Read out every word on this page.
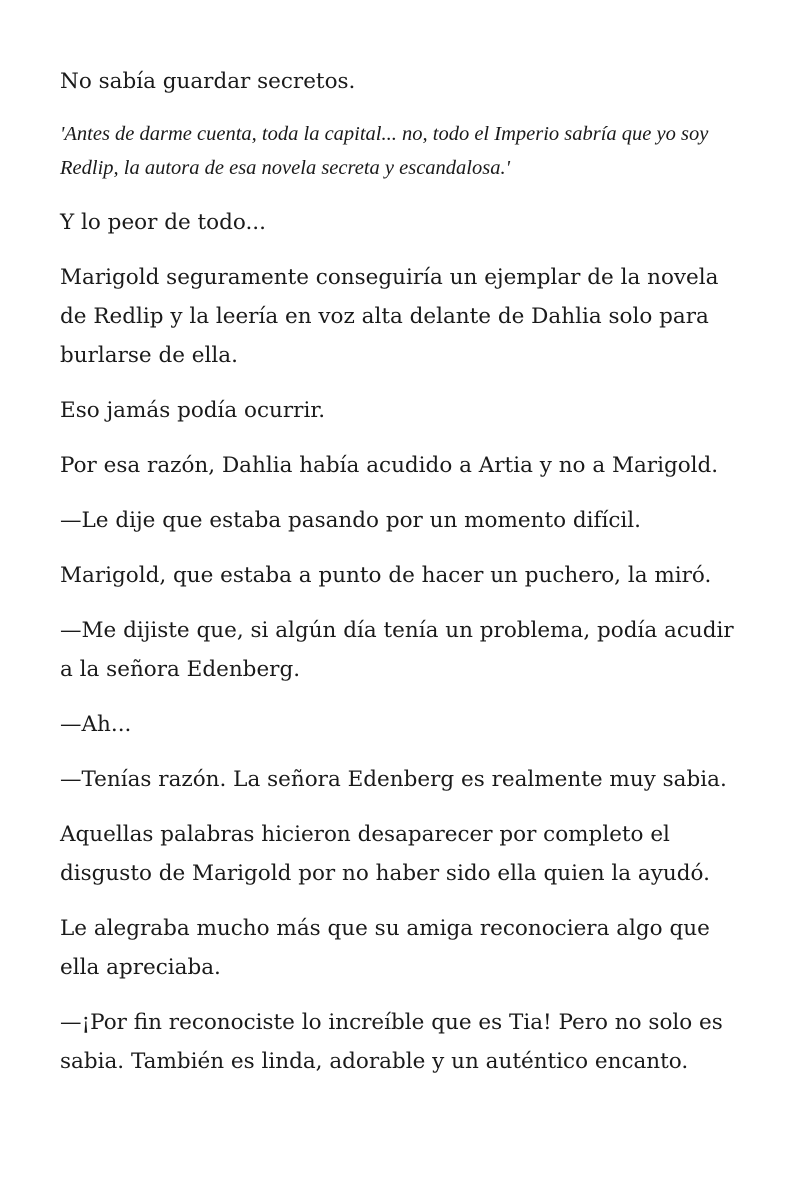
No sabía guardar secretos.

'Antes de darme cuenta, toda la capital... no, todo el Imperio sabría que yo soy Redlip, la autora de esa novela secreta y escandalosa.'

Y lo peor de todo...

Marigold seguramente conseguiría un ejemplar de la novela de Redlip y la leería en voz alta delante de Dahlia solo para burlarse de ella.

Eso jamás podía ocurrir.

Por esa razón, Dahlia había acudido a Artia y no a Marigold.

—Le dije que estaba pasando por un momento difícil.

Marigold, que estaba a punto de hacer un puchero, la miró.

—Me dijiste que, si algún día tenía un problema, podía acudir a la señora Edenberg.

—Ah...

—Tenías razón. La señora Edenberg es realmente muy sabia.

Aquellas palabras hicieron desaparecer por completo el disgusto de Marigold por no haber sido ella quien la ayudó.

Le alegraba mucho más que su amiga reconociera algo que ella apreciaba.

—¡Por fin reconociste lo increíble que es Tia! Pero no solo es sabia. También es linda, adorable y un auténtico encanto.
